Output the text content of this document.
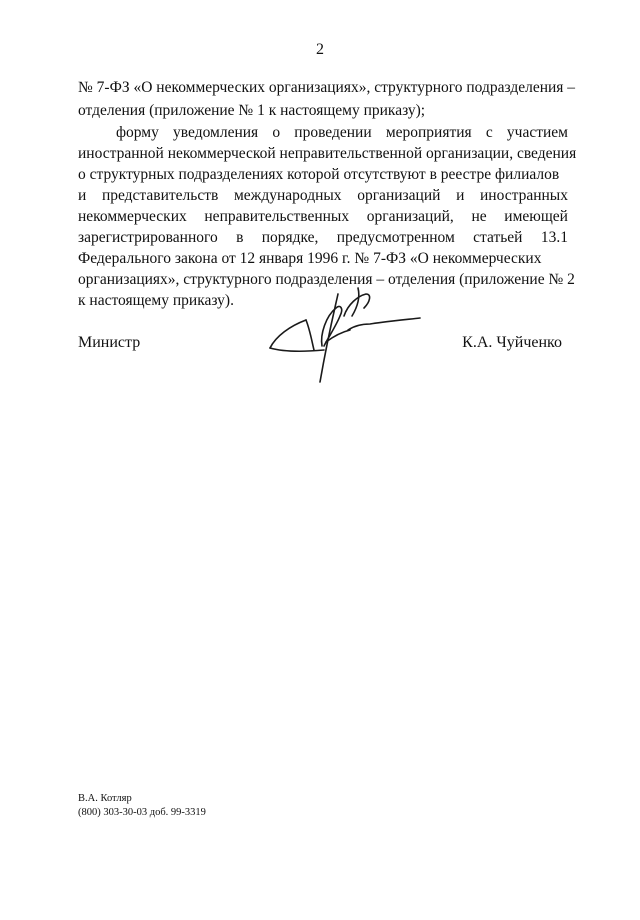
2
№ 7-ФЗ «О некоммерческих организациях», структурного подразделения –
отделения (приложение № 1 к настоящему приказу);
форму уведомления о проведении мероприятия с участием
иностранной некоммерческой неправительственной организации, сведения
о структурных подразделениях которой отсутствуют в реестре филиалов
и представительств международных организаций и иностранных
некоммерческих неправительственных организаций, не имеющей
зарегистрированного в порядке, предусмотренном статьей 13.1
Федерального закона от 12 января 1996 г. № 7-ФЗ «О некоммерческих
организациях», структурного подразделения – отделения (приложение № 2
к настоящему приказу).
Министр	К.А. Чуйченко
В.А. Котляр
(800) 303-30-03 доб. 99-3319
